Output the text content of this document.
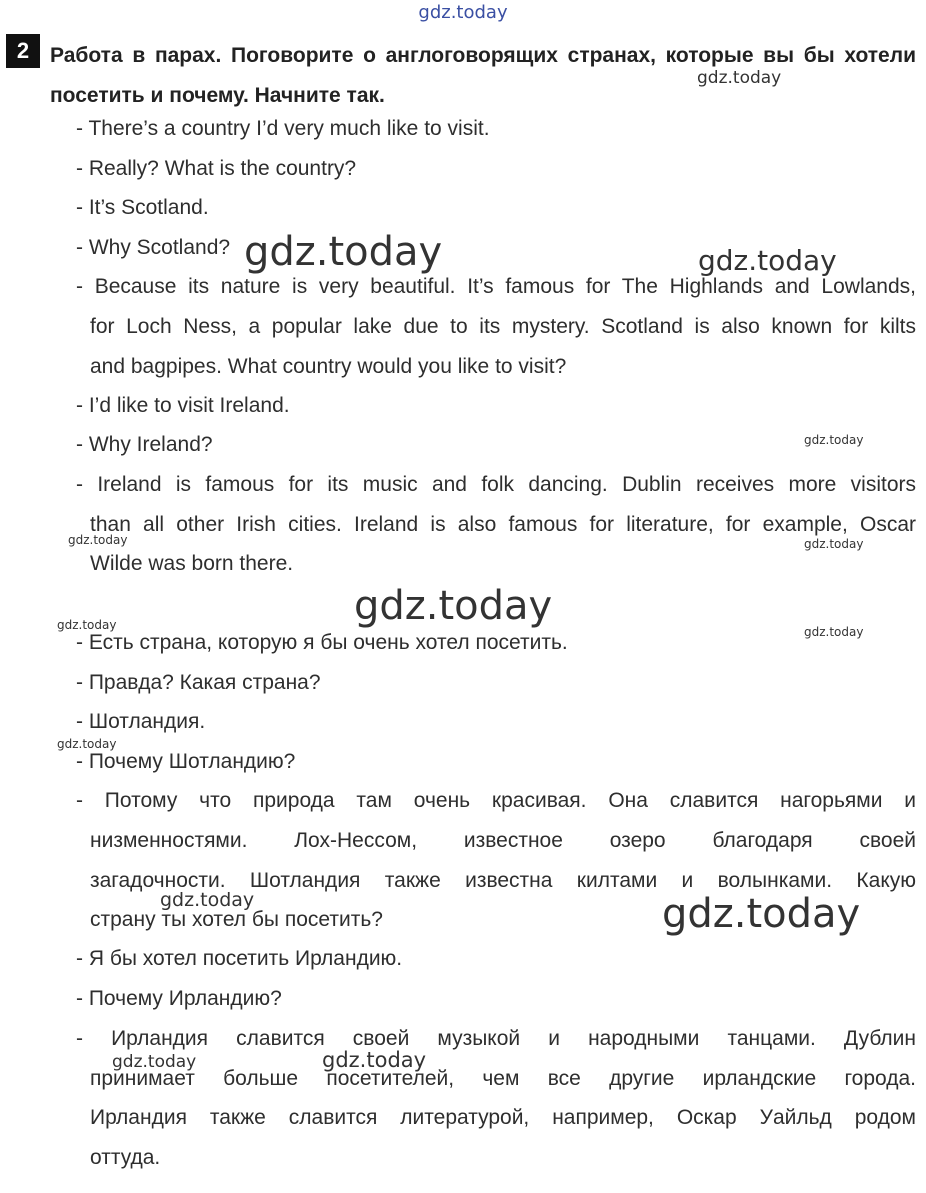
gdz.today
2 Работа в парах. Поговорите о англоговорящих странах, которые вы бы хотели посетить и почему. Начните так.
- There’s a country I’d very much like to visit.
- Really? What is the country?
- It’s Scotland.
- Why Scotland?
- Because its nature is very beautiful. It’s famous for The Highlands and Lowlands,
for Loch Ness, a popular lake due to its mystery. Scotland is also known for kilts
and bagpipes. What country would you like to visit?
- I’d like to visit Ireland.
- Why Ireland?
- Ireland is famous for its music and folk dancing. Dublin receives more visitors
than all other Irish cities. Ireland is also famous for literature, for example, Oscar
Wilde was born there.
- Есть страна, которую я бы очень хотел посетить.
- Правда? Какая страна?
- Шотландия.
- Почему Шотландию?
- Потому что природа там очень красивая. Она славится нагорьями и
низменностями. Лох-Нессом, известное озеро благодаря своей
загадочности. Шотландия также известна килтами и волынками. Какую
страну ты хотел бы посетить?
- Я бы хотел посетить Ирландию.
- Почему Ирландию?
- Ирландия славится своей музыкой и народными танцами. Дублин
принимает больше посетителей, чем все другие ирландские города.
Ирландия также славится литературой, например, Оскар Уайльд родом
оттуда.
gdz.today
gdz.today	gdz.today
gdz.today
gdz.today	gdz.today
gdz.today
gdz.today	gdz.today
gdz.today
gdz.today	gdz.today
gdz.today	gdz.today
